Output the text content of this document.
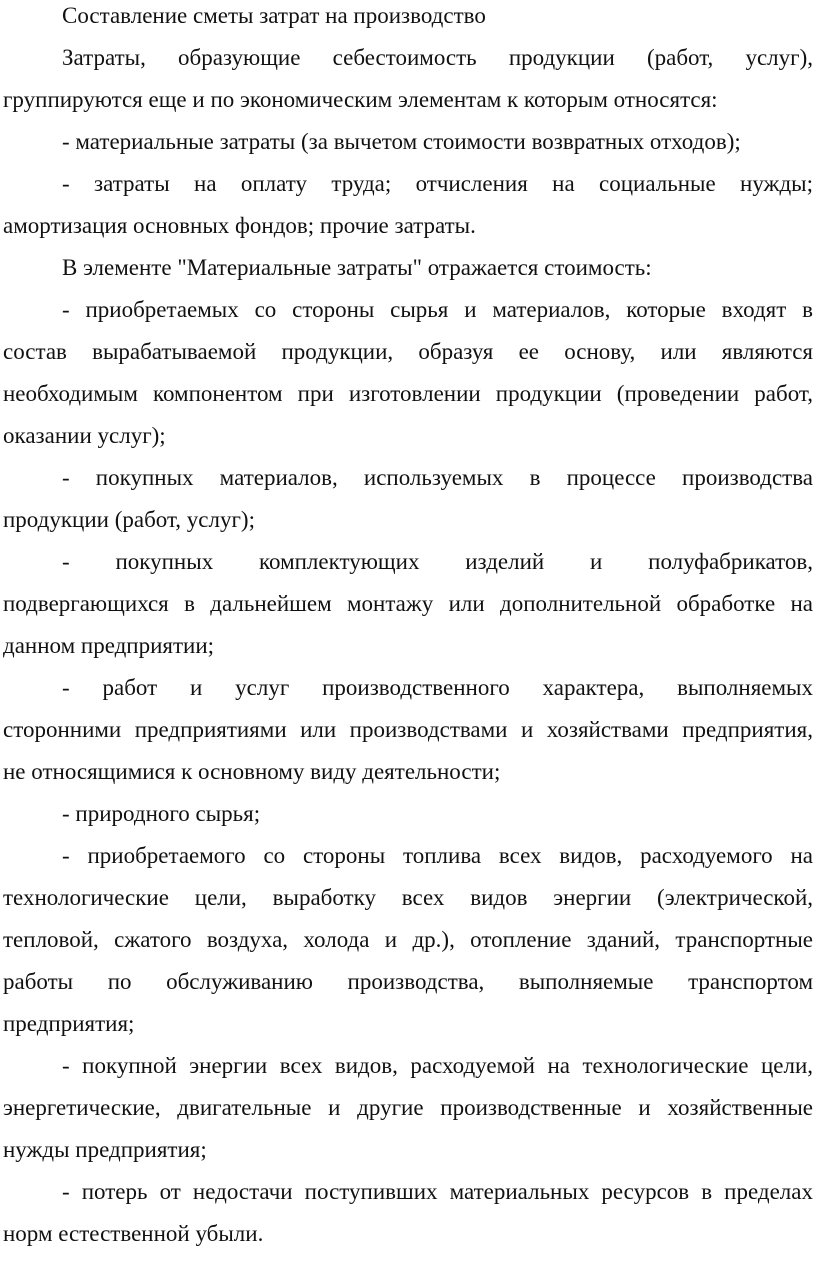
Составление сметы затрат на производство
Затраты, образующие себестоимость продукции (работ, услуг),
группируются еще и по экономическим элементам к которым относятся:
- материальные затраты (за вычетом стоимости возвратных отходов);
- затраты на оплату труда; отчисления на социальные нужды;
амортизация основных фондов; прочие затраты.
В элементе "Материальные затраты" отражается стоимость:
- приобретаемых со стороны сырья и материалов, которые входят в
состав вырабатываемой продукции, образуя ее основу, или являются
необходимым компонентом при изготовлении продукции (проведении работ,
оказании услуг);
- покупных материалов, используемых в процессе производства
продукции (работ, услуг);
- покупных комплектующих изделий и полуфабрикатов,
подвергающихся в дальнейшем монтажу или дополнительной обработке на
данном предприятии;
- работ и услуг производственного характера, выполняемых
сторонними предприятиями или производствами и хозяйствами предприятия,
не относящимися к основному виду деятельности;
- природного сырья;
- приобретаемого со стороны топлива всех видов, расходуемого на
технологические цели, выработку всех видов энергии (электрической,
тепловой, сжатого воздуха, холода и др.), отопление зданий, транспортные
работы по обслуживанию производства, выполняемые транспортом
предприятия;
- покупной энергии всех видов, расходуемой на технологические цели,
энергетические, двигательные и другие производственные и хозяйственные
нужды предприятия;
- потерь от недостачи поступивших материальных ресурсов в пределах
норм естественной убыли.
